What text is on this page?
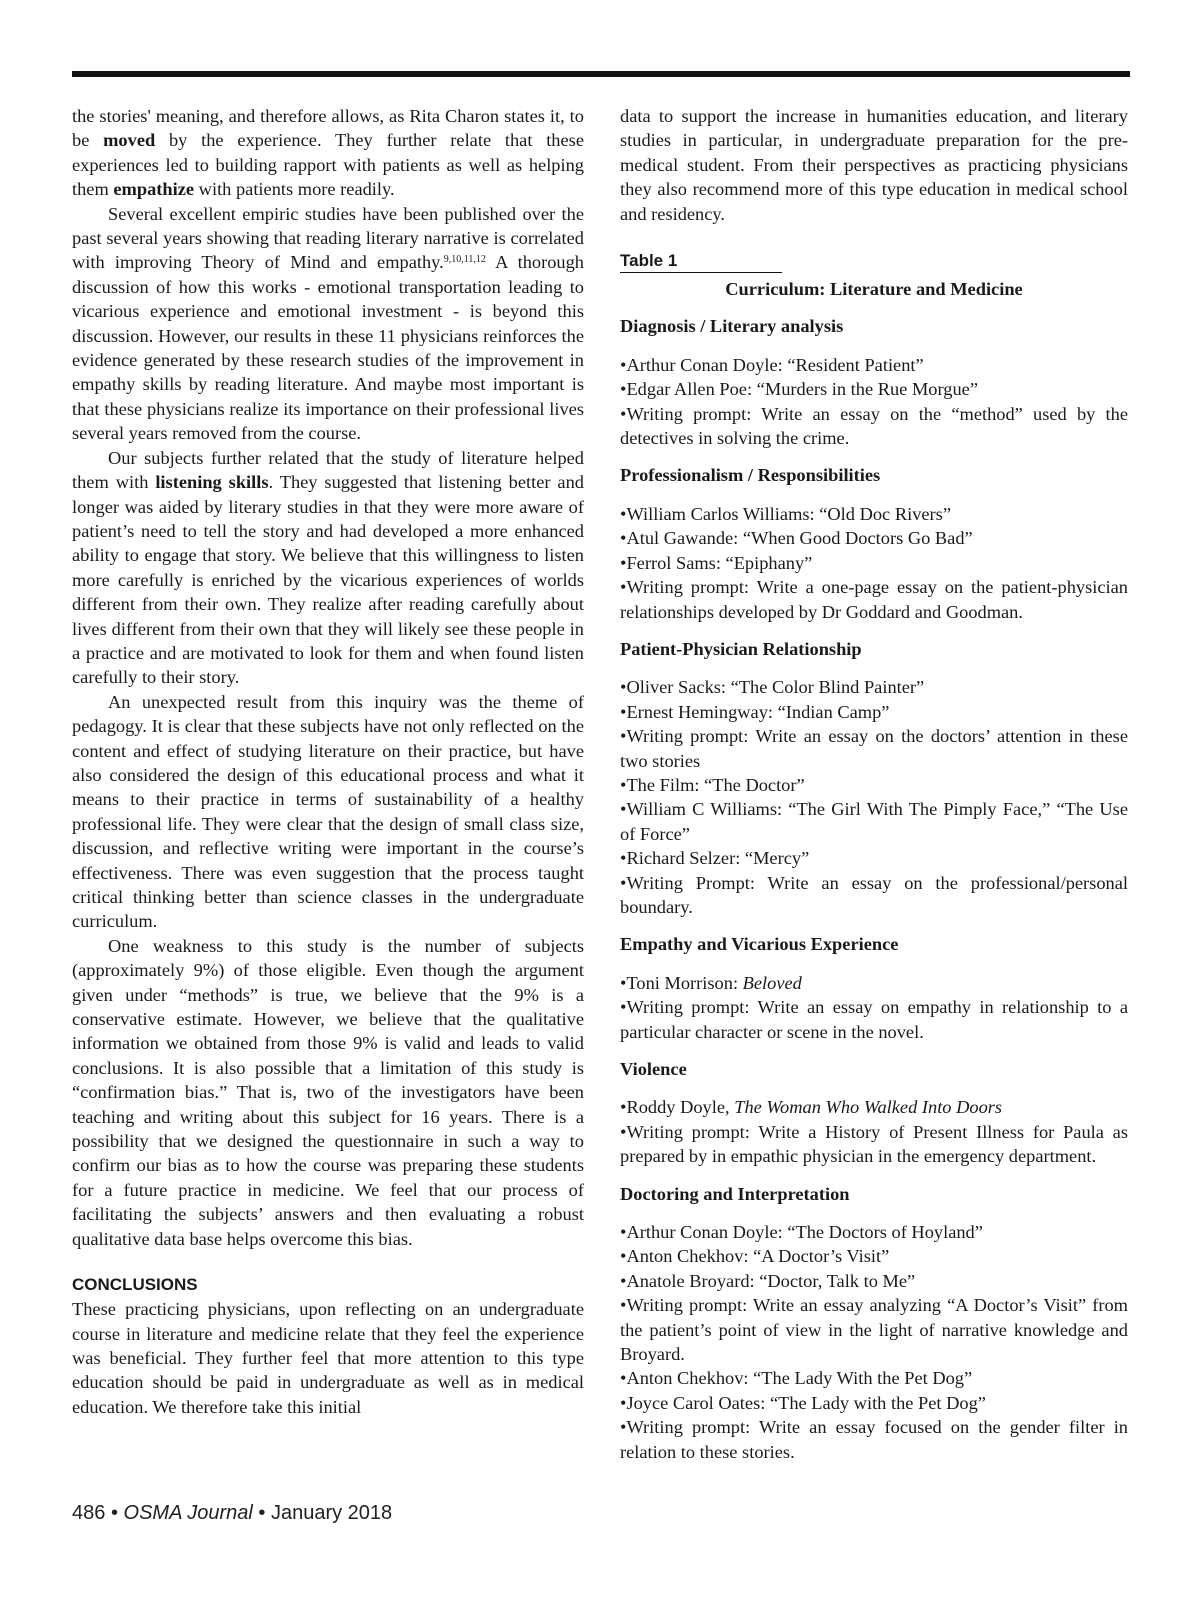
the stories' meaning, and therefore allows, as Rita Charon states it, to be moved by the experience. They further relate that these experiences led to building rapport with patients as well as helping them empathize with patients more readily.

Several excellent empiric studies have been published over the past several years showing that reading literary narrative is correlated with improving Theory of Mind and empathy.$^{9,10,11,12}$ A thorough discussion of how this works - emotional transportation leading to vicarious experience and emotional investment - is beyond this discussion. However, our results in these 11 physicians reinforces the evidence generated by these research studies of the improvement in empathy skills by reading literature. And maybe most important is that these physicians realize its importance on their professional lives several years removed from the course.

Our subjects further related that the study of literature helped them with listening skills. They suggested that listening better and longer was aided by literary studies in that they were more aware of patient’s need to tell the story and had developed a more enhanced ability to engage that story. We believe that this willingness to listen more carefully is enriched by the vicarious experiences of worlds different from their own. They realize after reading carefully about lives different from their own that they will likely see these people in a practice and are motivated to look for them and when found listen carefully to their story.

An unexpected result from this inquiry was the theme of pedagogy. It is clear that these subjects have not only reflected on the content and effect of studying literature on their practice, but have also considered the design of this educational process and what it means to their practice in terms of sustainability of a healthy professional life. They were clear that the design of small class size, discussion, and reflective writing were important in the course’s effectiveness. There was even suggestion that the process taught critical thinking better than science classes in the undergraduate curriculum.

One weakness to this study is the number of subjects (approximately 9%) of those eligible. Even though the argument given under “methods” is true, we believe that the 9% is a conservative estimate. However, we believe that the qualitative information we obtained from those 9% is valid and leads to valid conclusions. It is also possible that a limitation of this study is “confirmation bias.” That is, two of the investigators have been teaching and writing about this subject for 16 years. There is a possibility that we designed the questionnaire in such a way to confirm our bias as to how the course was preparing these students for a future practice in medicine. We feel that our process of facilitating the subjects’ answers and then evaluating a robust qualitative data base helps overcome this bias.

CONCLUSIONS

These practicing physicians, upon reflecting on an undergraduate course in literature and medicine relate that they feel the experience was beneficial. They further feel that more attention to this type education should be paid in undergraduate as well as in medical education. We therefore take this initial

data to support the increase in humanities education, and literary studies in particular, in undergraduate preparation for the pre-medical student. From their perspectives as practicing physicians they also recommend more of this type education in medical school and residency.

Table 1
Curriculum: Literature and Medicine
Diagnosis / Literary analysis

•Arthur Conan Doyle: “Resident Patient”

•Edgar Allen Poe: “Murders in the Rue Morgue”

•Writing prompt: Write an essay on the “method” used by the detectives in solving the crime.

Professionalism / Responsibilities

•William Carlos Williams: “Old Doc Rivers”

•Atul Gawande: “When Good Doctors Go Bad”

•Ferrol Sams: “Epiphany”

•Writing prompt: Write a one-page essay on the patient-physician relationships developed by Dr Goddard and Goodman.

Patient-Physician Relationship

•Oliver Sacks: “The Color Blind Painter”

•Ernest Hemingway: “Indian Camp”

•Writing prompt: Write an essay on the doctors’ attention in these two stories

•The Film: “The Doctor”

•William C Williams: “The Girl With The Pimply Face,” “The Use of Force”

•Richard Selzer: “Mercy”

•Writing Prompt: Write an essay on the professional/personal boundary.

Empathy and Vicarious Experience

•Toni Morrison: Beloved

•Writing prompt: Write an essay on empathy in relationship to a particular character or scene in the novel.

Violence

•Roddy Doyle, The Woman Who Walked Into Doors

•Writing prompt: Write a History of Present Illness for Paula as prepared by in empathic physician in the emergency department.

Doctoring and Interpretation

•Arthur Conan Doyle: “The Doctors of Hoyland”

•Anton Chekhov: “A Doctor’s Visit”

•Anatole Broyard: “Doctor, Talk to Me”

•Writing prompt: Write an essay analyzing “A Doctor’s Visit” from the patient’s point of view in the light of narrative knowledge and Broyard.

•Anton Chekhov: “The Lady With the Pet Dog”

•Joyce Carol Oates: “The Lady with the Pet Dog”

•Writing prompt: Write an essay focused on the gender filter in relation to these stories.

486 • OSMA Journal • January 2018
